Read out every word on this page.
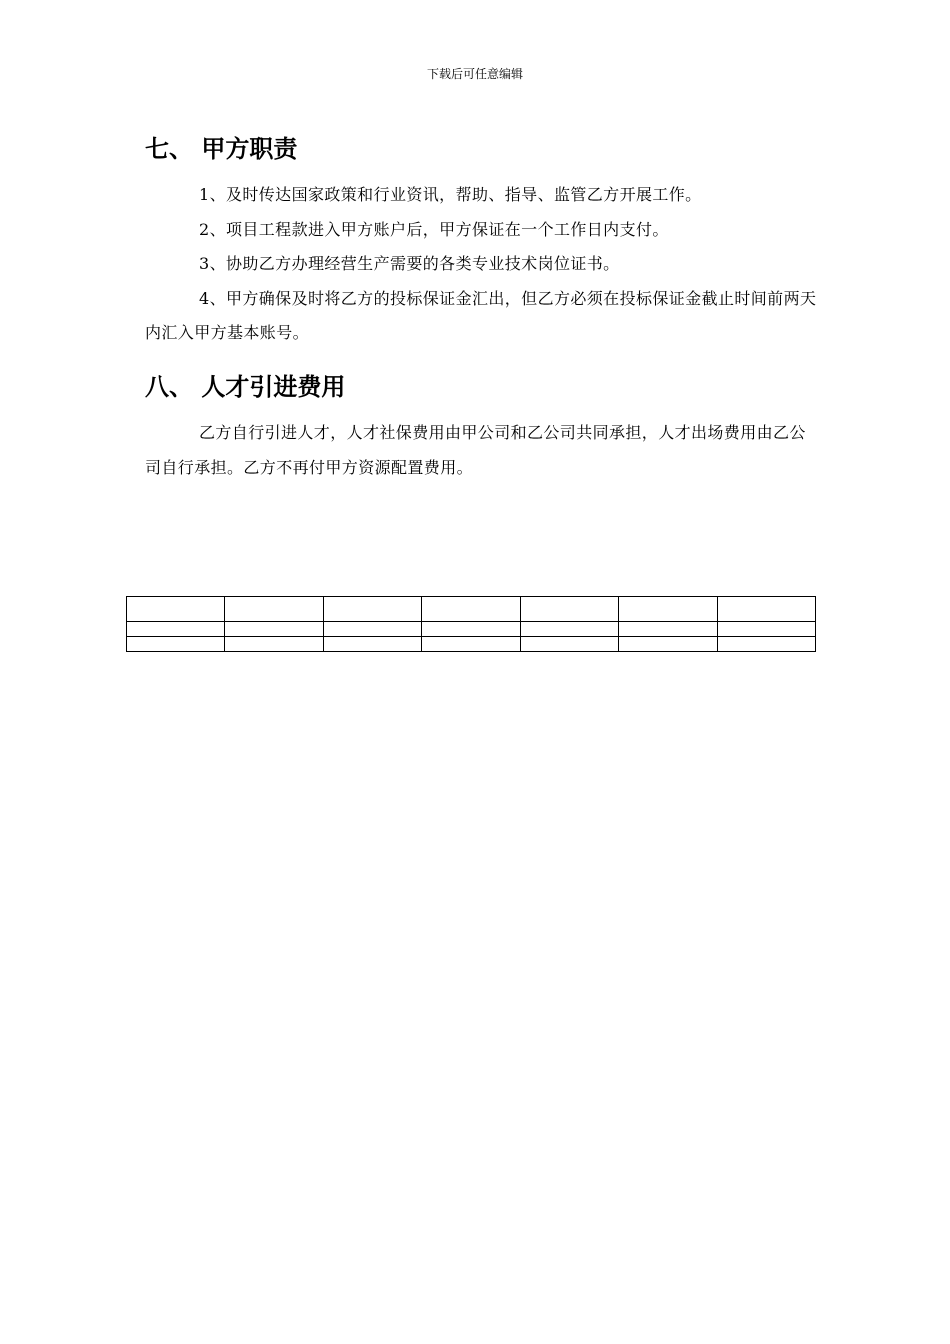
下载后可任意编辑
七、 甲方职责

1、及时传达国家政策和行业资讯，帮助、指导、监管乙方开展工作。

2、项目工程款进入甲方账户后，甲方保证在一个工作日内支付。

3、协助乙方办理经营生产需要的各类专业技术岗位证书。

4、甲方确保及时将乙方的投标保证金汇出，但乙方必须在投标保证金截止时间前两天内汇入甲方基本账号。

八、 人才引进费用

乙方自行引进人才，人才社保费用由甲公司和乙公司共同承担，人才出场费用由乙公司自行承担。乙方不再付甲方资源配置费用。
